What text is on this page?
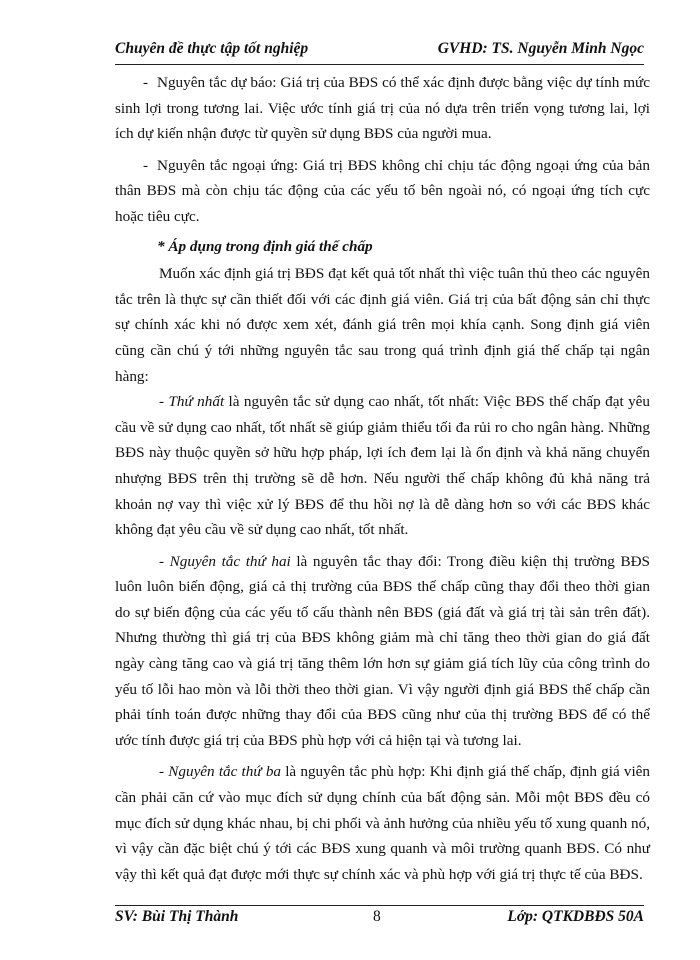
Chuyên đề thực tập tốt nghiệp	GVHD: TS. Nguyễn Minh Ngọc

- Nguyên tắc dự báo: Giá trị của BĐS có thể xác định được bằng việc dự tính mức sinh lợi trong tương lai. Việc ước tính giá trị của nó dựa trên triển vọng tương lai, lợi ích dự kiến nhận được từ quyền sử dụng BĐS của người mua.

- Nguyên tắc ngoại ứng: Giá trị BĐS không chỉ chịu tác động ngoại ứng của bản thân BĐS mà còn chịu tác động của các yếu tố bên ngoài nó, có ngoại ứng tích cực hoặc tiêu cực.

* Áp dụng trong định giá thế chấp

Muốn xác định giá trị BĐS đạt kết quả tốt nhất thì việc tuân thủ theo các nguyên tắc trên là thực sự cần thiết đối với các định giá viên. Giá trị của bất động sản chỉ thực sự chính xác khi nó được xem xét, đánh giá trên mọi khía cạnh. Song định giá viên cũng cần chú ý tới những nguyên tắc sau trong quá trình định giá thế chấp tại ngân hàng:

- Thứ nhất là nguyên tắc sử dụng cao nhất, tốt nhất: Việc BĐS thế chấp đạt yêu cầu về sử dụng cao nhất, tốt nhất sẽ giúp giảm thiểu tối đa rủi ro cho ngân hàng. Những BĐS này thuộc quyền sở hữu hợp pháp, lợi ích đem lại là ổn định và khả năng chuyển nhượng BĐS trên thị trường sẽ dễ hơn. Nếu người thế chấp không đủ khả năng trả khoản nợ vay thì việc xử lý BĐS để thu hồi nợ là dễ dàng hơn so với các BĐS khác không đạt yêu cầu về sử dụng cao nhất, tốt nhất.

- Nguyên tắc thứ hai là nguyên tắc thay đổi: Trong điều kiện thị trường BĐS luôn luôn biến động, giá cả thị trường của BĐS thế chấp cũng thay đổi theo thời gian do sự biến động của các yếu tố cấu thành nên BĐS (giá đất và giá trị tài sản trên đất). Nhưng thường thì giá trị của BĐS không giảm mà chỉ tăng theo thời gian do giá đất ngày càng tăng cao và giá trị tăng thêm lớn hơn sự giảm giá tích lũy của công trình do yếu tố lỗi hao mòn và lỗi thời theo thời gian. Vì vậy người định giá BĐS thế chấp cần phải tính toán được những thay đổi của BĐS cũng như của thị trường BĐS để có thể ước tính được giá trị của BĐS phù hợp với cả hiện tại và tương lai.

- Nguyên tắc thứ ba là nguyên tắc phù hợp: Khi định giá thế chấp, định giá viên cần phải căn cứ vào mục đích sử dụng chính của bất động sản. Mỗi một BĐS đều có mục đích sử dụng khác nhau, bị chi phối và ảnh hưởng của nhiều yếu tố xung quanh nó, vì vậy cần đặc biệt chú ý tới các BĐS xung quanh và môi trường quanh BĐS. Có như vậy thì kết quả đạt được mới thực sự chính xác và phù hợp với giá trị thực tế của BĐS.

SV: Bùi Thị Thành	8	Lớp: QTKDBĐS 50A
